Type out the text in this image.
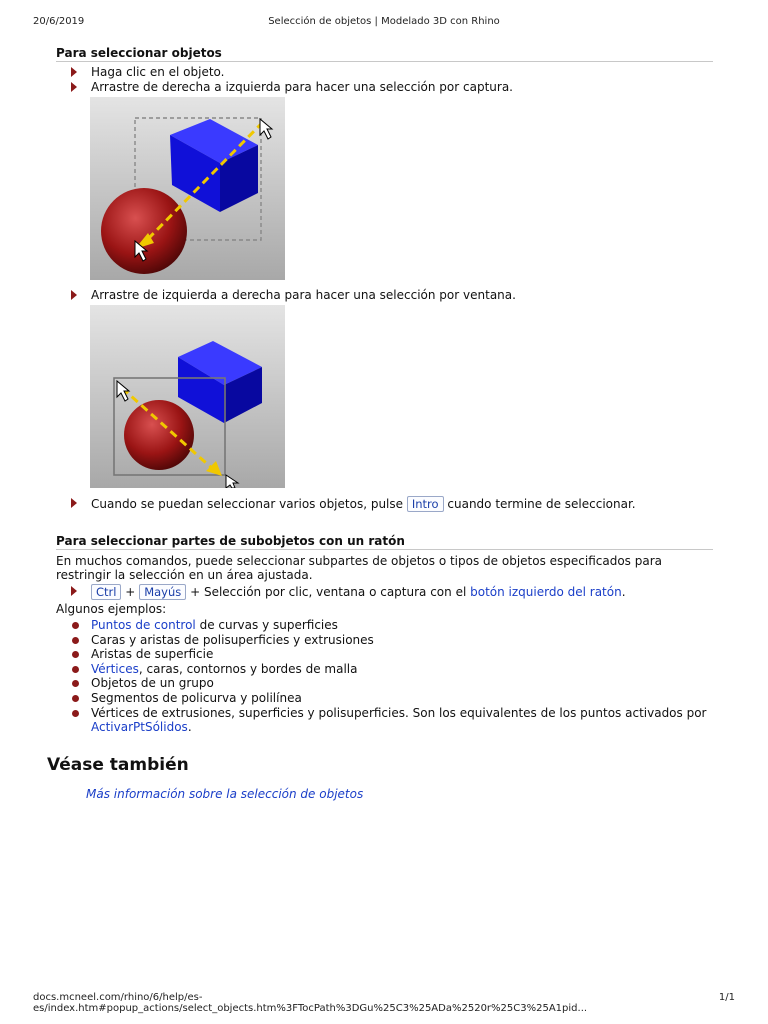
20/6/2019	Selección de objetos | Modelado 3D con Rhino
Para seleccionar objetos
Haga clic en el objeto.
Arrastre de derecha a izquierda para hacer una selección por captura.
Arrastre de izquierda a derecha para hacer una selección por ventana.
Cuando se puedan seleccionar varios objetos, pulse Intro cuando termine de seleccionar.
Para seleccionar partes de subobjetos con un ratón

En muchos comandos, puede seleccionar subpartes de objetos o tipos de objetos especificados para restringir la selección en un área ajustada.

Ctrl + Mayús + Selección por clic, ventana o captura con el botón izquierdo del ratón.

Algunos ejemplos:

Puntos de control de curvas y superficies
Caras y aristas de polisuperficies y extrusiones
Aristas de superficie
Vértices, caras, contornos y bordes de malla
Objetos de un grupo
Segmentos de policurva y polilínea
Vértices de extrusiones, superficies y polisuperficies. Son los equivalentes de los puntos activados por
ActivarPtSólidos.
Véase también
Más información sobre la selección de objetos
docs.mcneel.com/rhino/6/help/es-es/index.htm#popup_actions/select_objects.htm%3FTocPath%3DGu%25C3%25ADa%2520r%25C3%25A1pid...
1/1
